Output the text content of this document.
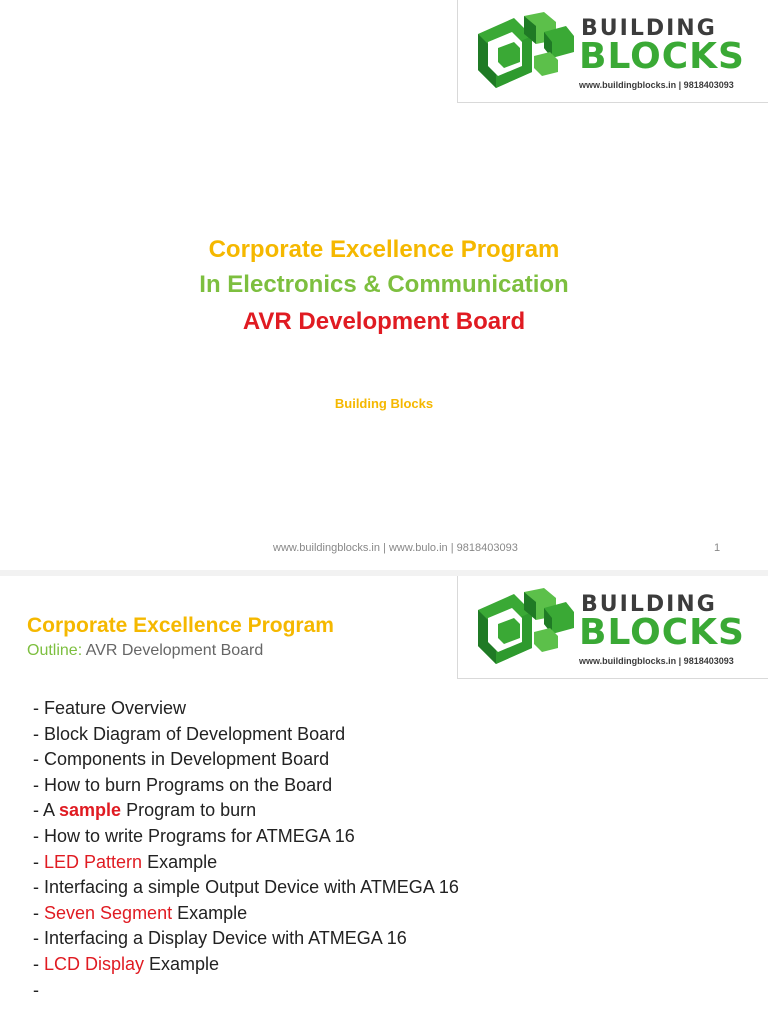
BUILDING
BLOCKS
www.buildingblocks.in | 9818403093
Corporate Excellence Program
In Electronics & Communication
AVR Development Board
Building Blocks
www.buildingblocks.in | www.bulo.in | 9818403093	1
BUILDING
BLOCKS
www.buildingblocks.in | 9818403093
Corporate Excellence Program
Outline: AVR Development Board
- Feature Overview
- Block Diagram of Development Board
- Components in Development Board
- How to burn Programs on the Board
- A sample Program to burn
- How to write Programs for ATMEGA 16
- LED Pattern Example
- Interfacing a simple Output Device with ATMEGA 16
- Seven Segment Example
- Interfacing a Display Device with ATMEGA 16
- LCD Display Example
-
